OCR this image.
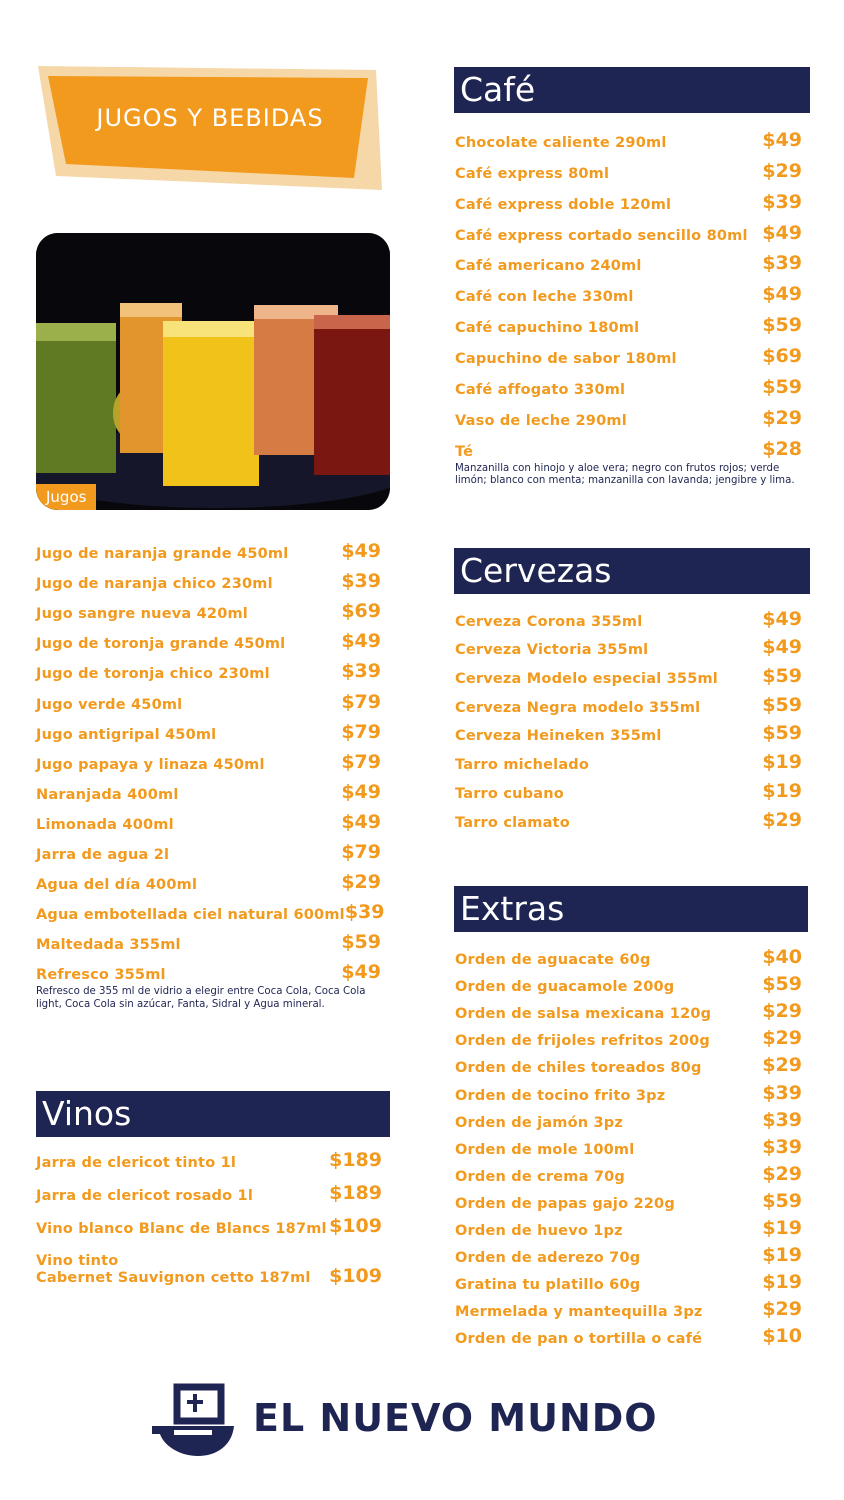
JUGOS Y BEBIDAS
Jugos
Jugo de naranja grande 450ml	$49
Jugo de naranja chico 230ml	$39
Jugo sangre nueva 420ml	$69
Jugo de toronja grande 450ml	$49
Jugo de toronja chico 230ml	$39
Jugo verde 450ml	$79
Jugo antigripal 450ml	$79
Jugo papaya y linaza 450ml	$79
Naranjada 400ml	$49
Limonada 400ml	$49
Jarra de agua 2l	$79
Agua del día 400ml	$29
Agua embotellada ciel natural 600ml $39
Maltedada 355ml	$59
Refresco 355ml	$49
Refresco de 355 ml de vidrio a elegir entre Coca Cola, Coca Cola light, Coca Cola sin azúcar, Fanta, Sidral y Agua mineral.
Vinos
Jarra de clericot tinto 1l	$189
Jarra de clericot rosado 1l	$189
Vino blanco Blanc de Blancs 187ml $109
Vino tinto
Cabernet Sauvignon cetto 187ml $109
Café
Chocolate caliente 290ml	$49
Café express 80ml	$29
Café express doble 120ml	$39
Café express cortado sencillo 80ml $49
Café americano 240ml	$39
Café con leche 330ml	$49
Café capuchino 180ml	$59
Capuchino de sabor 180ml	$69
Café affogato 330ml	$59
Vaso de leche 290ml	$29
Té	$28
Manzanilla con hinojo y aloe vera; negro con frutos rojos; verde limón; blanco con menta; manzanilla con lavanda; jengibre y lima.
Cervezas
Cerveza Corona 355ml	$49
Cerveza Victoria 355ml	$49
Cerveza Modelo especial 355ml $59
Cerveza Negra modelo 355ml	$59
Cerveza Heineken 355ml	$59
Tarro michelado	$19
Tarro cubano	$19
Tarro clamato	$29
Extras
Orden de aguacate 60g	$40
Orden de guacamole 200g	$59
Orden de salsa mexicana 120g	$29
Orden de frijoles refritos 200g	$29
Orden de chiles toreados 80g	$29
Orden de tocino frito 3pz	$39
Orden de jamón 3pz	$39
Orden de mole 100ml	$39
Orden de crema 70g	$29
Orden de papas gajo 220g	$59
Orden de huevo 1pz	$19
Orden de aderezo 70g	$19
Gratina tu platillo 60g	$19
Mermelada y mantequilla 3pz	$29
Orden de pan o tortilla o café	$10
EL NUEVO MUNDO
